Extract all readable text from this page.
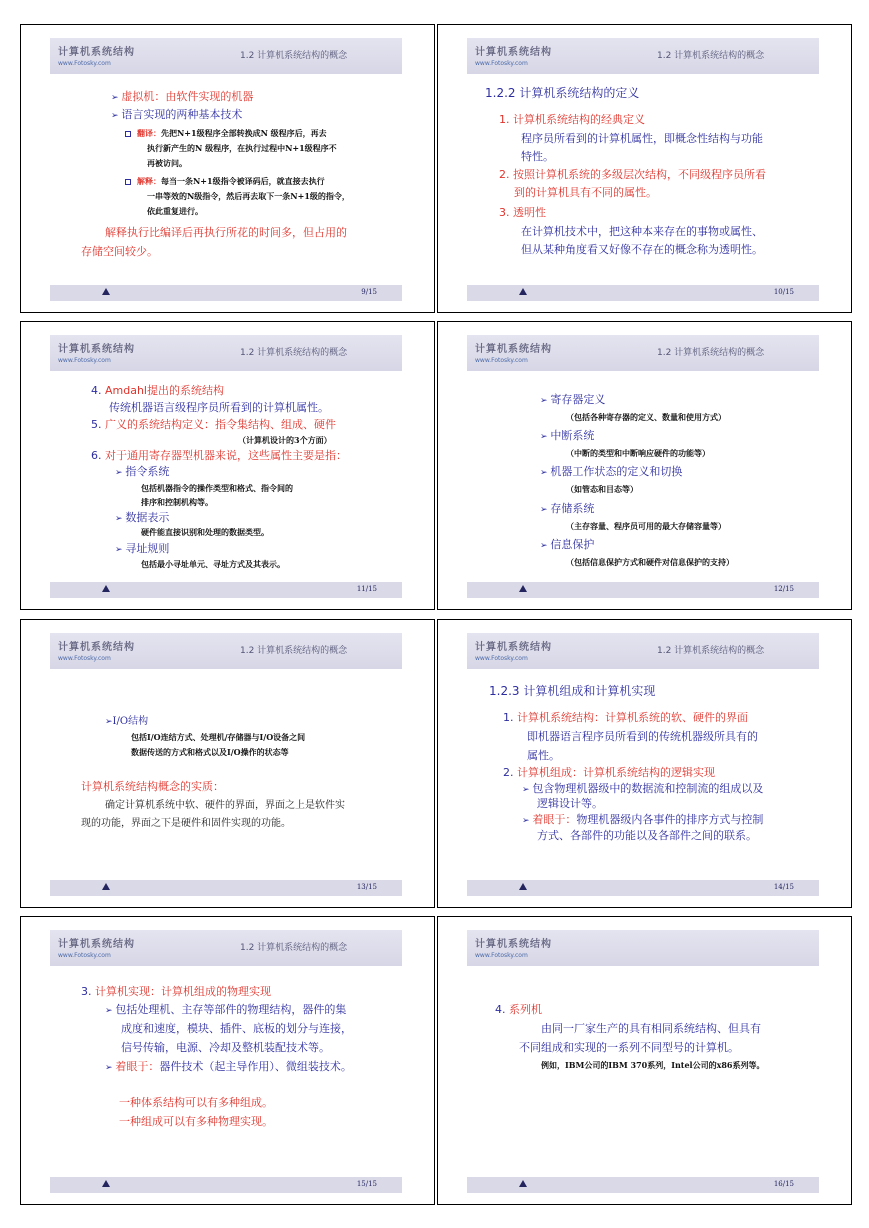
计算机系统结构
www.Fotosky.com
1.2 计算机系统结构的概念
➢ 虚拟机：由软件实现的机器
➢ 语言实现的两种基本技术
翻译：先把N+1级程序全部转换成N 级程序后，再去
执行新产生的N 级程序，在执行过程中N+1级程序不
再被访问。
解释：每当一条N+1级指令被译码后，就直接去执行
一串等效的N级指令，然后再去取下一条N+1级的指令，
依此重复进行。
解释执行比编译后再执行所花的时间多，但占用的
存储空间较少。
9/15
计算机系统结构
www.Fotosky.com
1.2 计算机系统结构的概念
1.2.2 计算机系统结构的定义
1. 计算机系统结构的经典定义
程序员所看到的计算机属性，即概念性结构与功能
特性。
2. 按照计算机系统的多级层次结构，不同级程序员所看
到的计算机具有不同的属性。
3. 透明性
在计算机技术中，把这种本来存在的事物或属性、
但从某种角度看又好像不存在的概念称为透明性。
10/15
计算机系统结构
www.Fotosky.com
1.2 计算机系统结构的概念
4. Amdahl提出的系统结构
传统机器语言级程序员所看到的计算机属性。
5. 广义的系统结构定义：指令集结构、组成、硬件
（计算机设计的3个方面）
6. 对于通用寄存器型机器来说，这些属性主要是指：
➢ 指令系统
包括机器指令的操作类型和格式、指令间的
排序和控制机构等。
➢ 数据表示
硬件能直接识别和处理的数据类型。
➢ 寻址规则
包括最小寻址单元、寻址方式及其表示。
11/15
计算机系统结构
www.Fotosky.com
1.2 计算机系统结构的概念
➢ 寄存器定义
（包括各种寄存器的定义、数量和使用方式）
➢ 中断系统
（中断的类型和中断响应硬件的功能等）
➢ 机器工作状态的定义和切换
（如管态和目态等）
➢ 存储系统
（主存容量、程序员可用的最大存储容量等）
➢ 信息保护
（包括信息保护方式和硬件对信息保护的支持）
12/15
计算机系统结构
www.Fotosky.com
1.2 计算机系统结构的概念
➢I/O结构
包括I/O连结方式、处理机/存储器与I/O设备之间
数据传送的方式和格式以及I/O操作的状态等
计算机系统结构概念的实质：
确定计算机系统中软、硬件的界面，界面之上是软件实
现的功能，界面之下是硬件和固件实现的功能。
13/15
计算机系统结构
www.Fotosky.com
1.2 计算机系统结构的概念
1.2.3 计算机组成和计算机实现
1. 计算机系统结构：计算机系统的软、硬件的界面
即机器语言程序员所看到的传统机器级所具有的
属性。
2. 计算机组成：计算机系统结构的逻辑实现
➢ 包含物理机器级中的数据流和控制流的组成以及
逻辑设计等。
➢ 着眼于：物理机器级内各事件的排序方式与控制
方式、各部件的功能以及各部件之间的联系。
14/15
计算机系统结构
www.Fotosky.com
1.2 计算机系统结构的概念
3. 计算机实现：计算机组成的物理实现
➢ 包括处理机、主存等部件的物理结构，器件的集
成度和速度，模块、插件、底板的划分与连接，
信号传输，电源、冷却及整机装配技术等。
➢ 着眼于：器件技术（起主导作用）、微组装技术。
一种体系结构可以有多种组成。
一种组成可以有多种物理实现。
15/15
计算机系统结构
www.Fotosky.com
4. 系列机
由同一厂家生产的具有相同系统结构、但具有
不同组成和实现的一系列不同型号的计算机。
例如，IBM公司的IBM 370系列，Intel公司的x86系列等。
16/15
